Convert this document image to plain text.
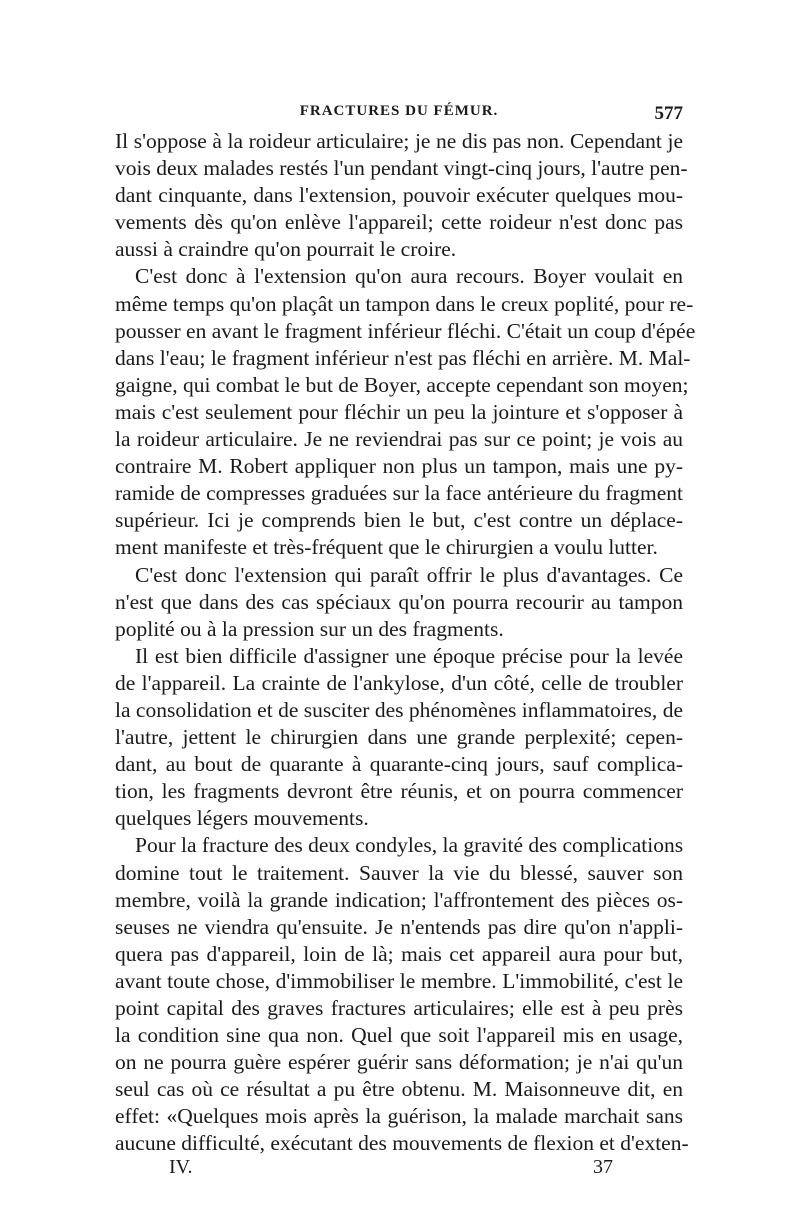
FRACTURES DU FÉMUR.	577
Il s'oppose à la roideur articulaire; je ne dis pas non. Cependant je
vois deux malades restés l'un pendant vingt-cinq jours, l'autre pen-
dant cinquante, dans l'extension, pouvoir exécuter quelques mou-
vements dès qu'on enlève l'appareil; cette roideur n'est donc pas
aussi à craindre qu'on pourrait le croire.
C'est donc à l'extension qu'on aura recours. Boyer voulait en
même temps qu'on plaçât un tampon dans le creux poplité, pour re-
pousser en avant le fragment inférieur fléchi. C'était un coup d'épée
dans l'eau; le fragment inférieur n'est pas fléchi en arrière. M. Mal-
gaigne, qui combat le but de Boyer, accepte cependant son moyen;
mais c'est seulement pour fléchir un peu la jointure et s'opposer à
la roideur articulaire. Je ne reviendrai pas sur ce point; je vois au
contraire M. Robert appliquer non plus un tampon, mais une py-
ramide de compresses graduées sur la face antérieure du fragment
supérieur. Ici je comprends bien le but, c'est contre un déplace-
ment manifeste et très-fréquent que le chirurgien a voulu lutter.
C'est donc l'extension qui paraît offrir le plus d'avantages. Ce
n'est que dans des cas spéciaux qu'on pourra recourir au tampon
poplité ou à la pression sur un des fragments.
Il est bien difficile d'assigner une époque précise pour la levée
de l'appareil. La crainte de l'ankylose, d'un côté, celle de troubler
la consolidation et de susciter des phénomènes inflammatoires, de
l'autre, jettent le chirurgien dans une grande perplexité; cepen-
dant, au bout de quarante à quarante-cinq jours, sauf complica-
tion, les fragments devront être réunis, et on pourra commencer
quelques légers mouvements.
Pour la fracture des deux condyles, la gravité des complications
domine tout le traitement. Sauver la vie du blessé, sauver son
membre, voilà la grande indication; l'affrontement des pièces os-
seuses ne viendra qu'ensuite. Je n'entends pas dire qu'on n'appli-
quera pas d'appareil, loin de là; mais cet appareil aura pour but,
avant toute chose, d'immobiliser le membre. L'immobilité, c'est le
point capital des graves fractures articulaires; elle est à peu près
la condition sine qua non. Quel que soit l'appareil mis en usage,
on ne pourra guère espérer guérir sans déformation; je n'ai qu'un
seul cas où ce résultat a pu être obtenu. M. Maisonneuve dit, en
effet: «Quelques mois après la guérison, la malade marchait sans
aucune difficulté, exécutant des mouvements de flexion et d'exten-
IV.	37
